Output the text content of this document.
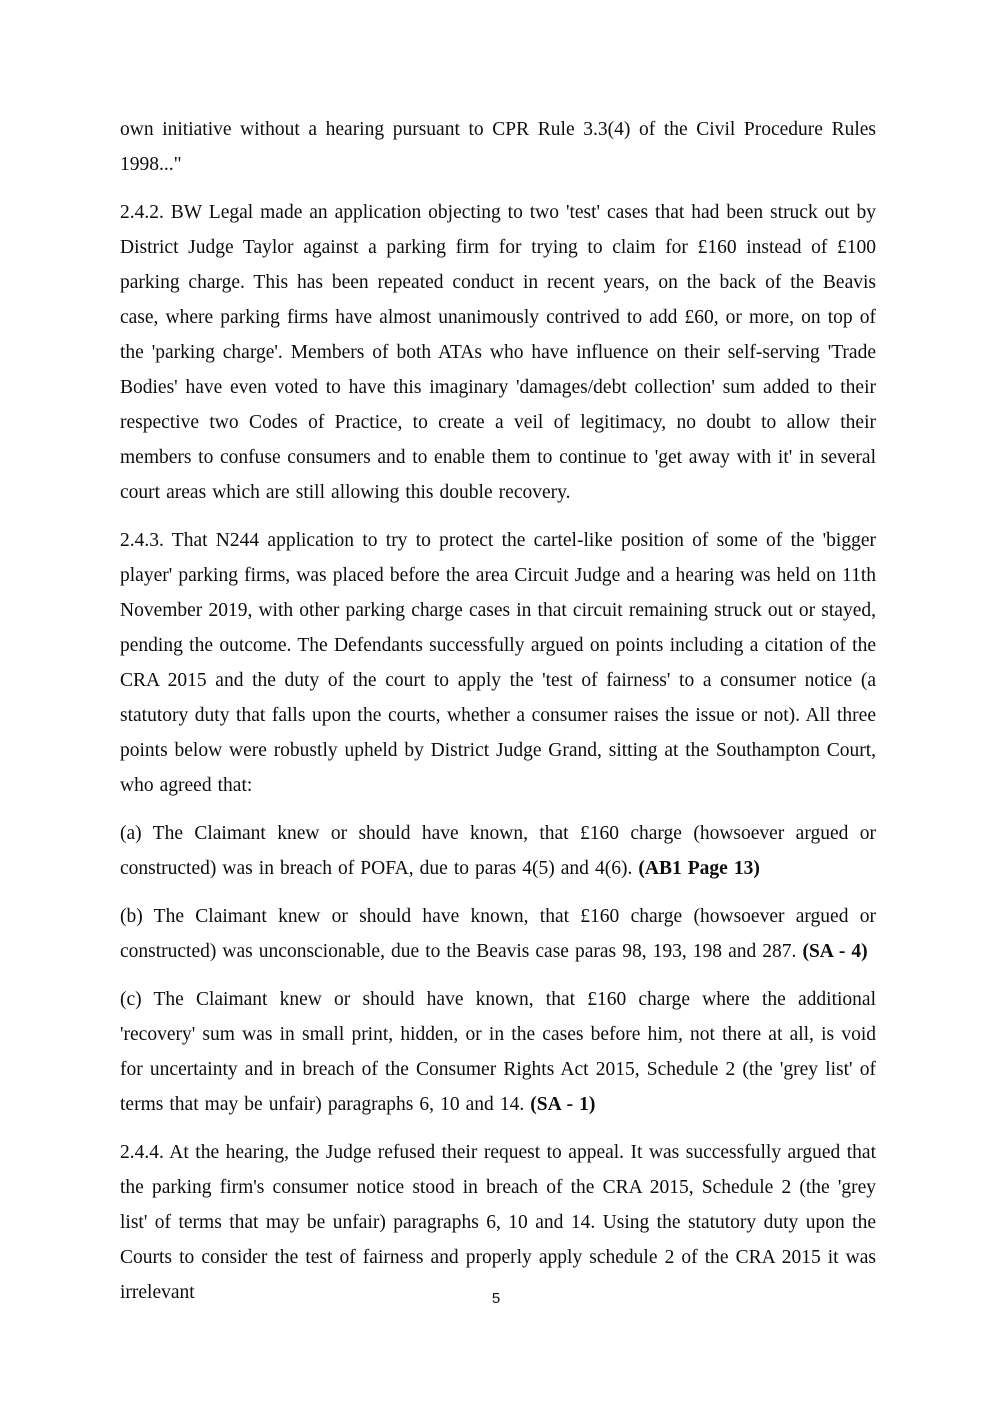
own initiative without a hearing pursuant to CPR Rule 3.3(4) of the Civil Procedure Rules 1998..."

2.4.2. BW Legal made an application objecting to two 'test' cases that had been struck out by District Judge Taylor against a parking firm for trying to claim for £160 instead of £100 parking charge. This has been repeated conduct in recent years, on the back of the Beavis case, where parking firms have almost unanimously contrived to add £60, or more, on top of the 'parking charge'. Members of both ATAs who have influence on their self-serving 'Trade Bodies' have even voted to have this imaginary 'damages/debt collection' sum added to their respective two Codes of Practice, to create a veil of legitimacy, no doubt to allow their members to confuse consumers and to enable them to continue to 'get away with it' in several court areas which are still allowing this double recovery.

2.4.3. That N244 application to try to protect the cartel-like position of some of the 'bigger player' parking firms, was placed before the area Circuit Judge and a hearing was held on 11th November 2019, with other parking charge cases in that circuit remaining struck out or stayed, pending the outcome. The Defendants successfully argued on points including a citation of the CRA 2015 and the duty of the court to apply the 'test of fairness' to a consumer notice (a statutory duty that falls upon the courts, whether a consumer raises the issue or not). All three points below were robustly upheld by District Judge Grand, sitting at the Southampton Court, who agreed that:

(a) The Claimant knew or should have known, that £160 charge (howsoever argued or constructed) was in breach of POFA, due to paras 4(5) and 4(6). (AB1 Page 13)

(b) The Claimant knew or should have known, that £160 charge (howsoever argued or constructed) was unconscionable, due to the Beavis case paras 98, 193, 198 and 287. (SA - 4)

(c) The Claimant knew or should have known, that £160 charge where the additional 'recovery' sum was in small print, hidden, or in the cases before him, not there at all, is void for uncertainty and in breach of the Consumer Rights Act 2015, Schedule 2 (the 'grey list' of terms that may be unfair) paragraphs 6, 10 and 14. (SA - 1)

2.4.4. At the hearing, the Judge refused their request to appeal. It was successfully argued that the parking firm's consumer notice stood in breach of the CRA 2015, Schedule 2 (the 'grey list' of terms that may be unfair) paragraphs 6, 10 and 14. Using the statutory duty upon the Courts to consider the test of fairness and properly apply schedule 2 of the CRA 2015 it was irrelevant	5
